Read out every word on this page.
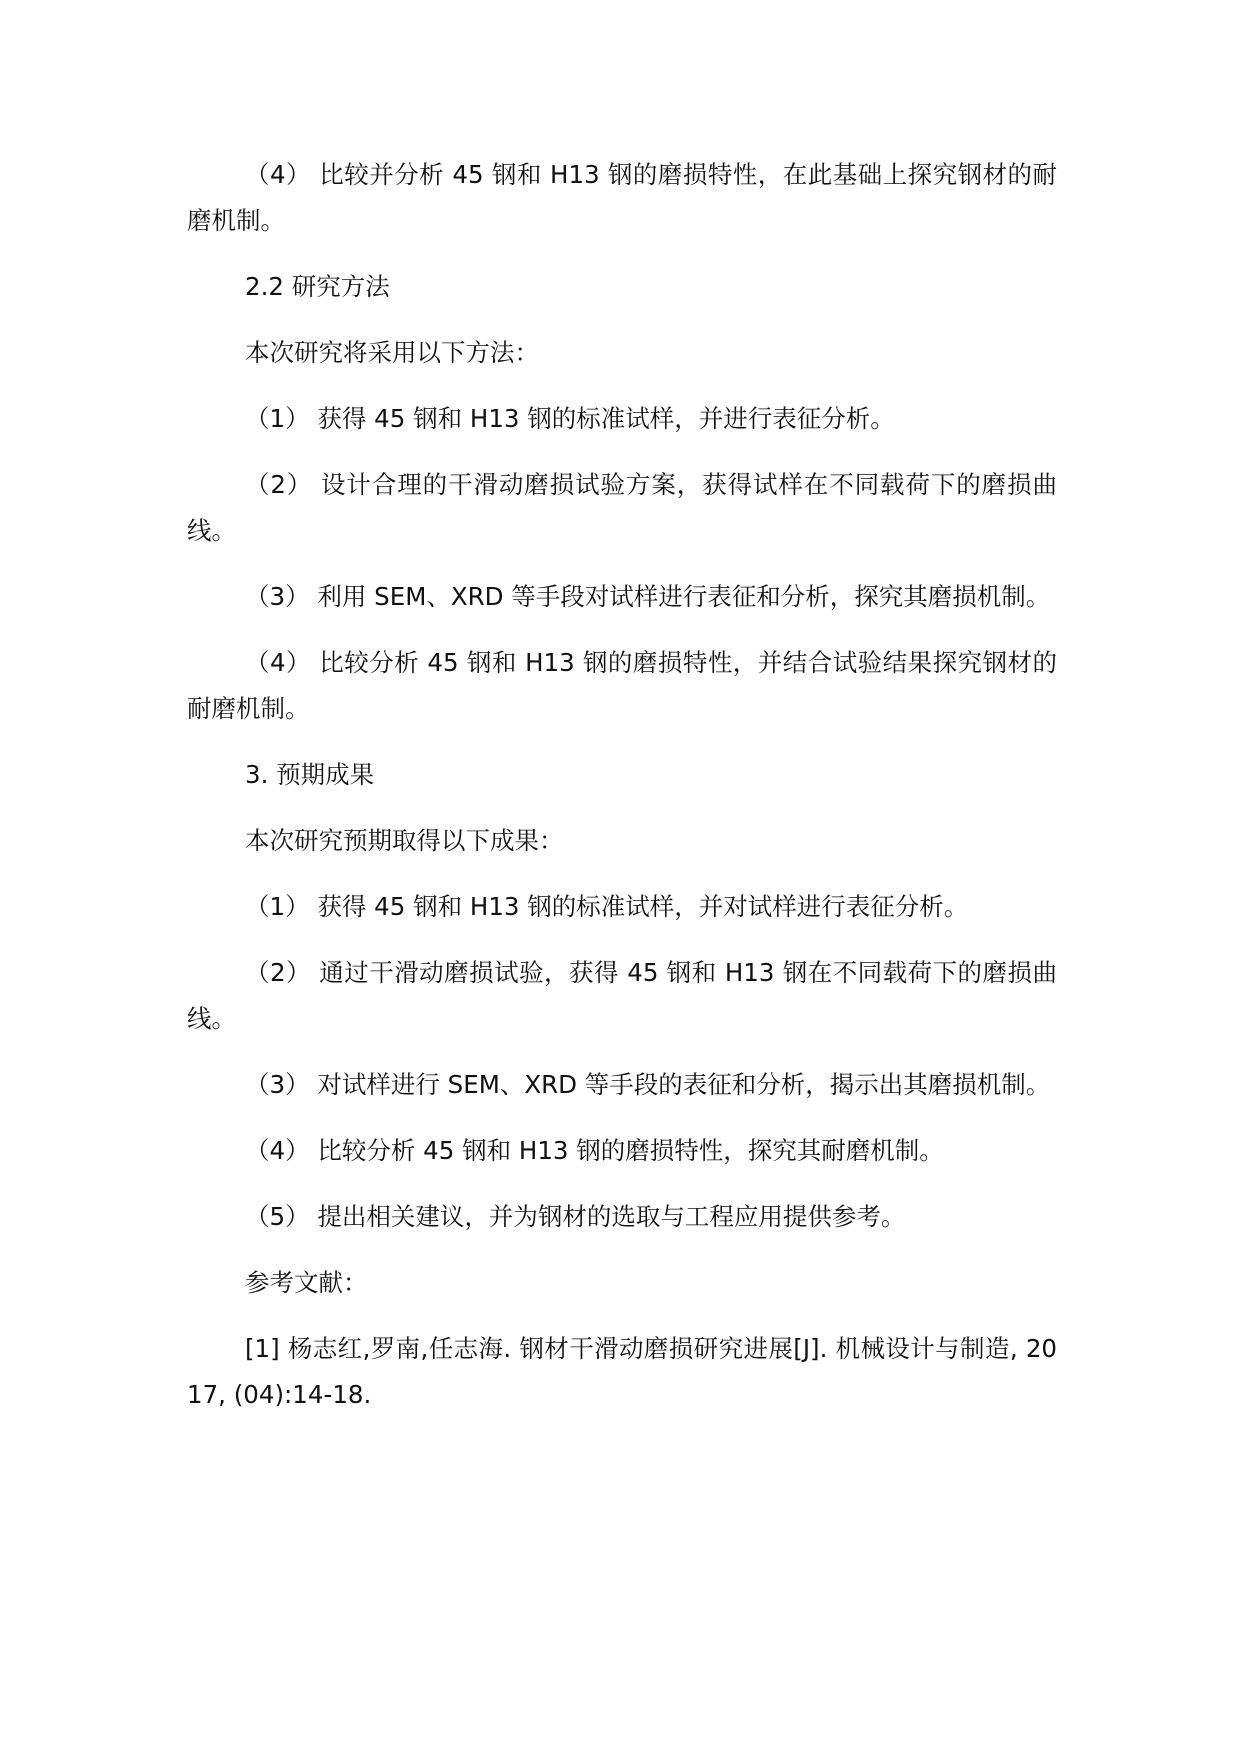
（4） 比较并分析 45 钢和 H13 钢的磨损特性，在此基础上探究钢材的耐磨机制。

2.2 研究方法

本次研究将采用以下方法：

（1） 获得 45 钢和 H13 钢的标准试样，并进行表征分析。

（2） 设计合理的干滑动磨损试验方案，获得试样在不同载荷下的磨损曲线。

（3） 利用 SEM、XRD 等手段对试样进行表征和分析，探究其磨损机制。

（4） 比较分析 45 钢和 H13 钢的磨损特性，并结合试验结果探究钢材的耐磨机制。

3. 预期成果

本次研究预期取得以下成果：

（1） 获得 45 钢和 H13 钢的标准试样，并对试样进行表征分析。

（2） 通过干滑动磨损试验，获得 45 钢和 H13 钢在不同载荷下的磨损曲线。

（3） 对试样进行 SEM、XRD 等手段的表征和分析，揭示出其磨损机制。

（4） 比较分析 45 钢和 H13 钢的磨损特性，探究其耐磨机制。

（5） 提出相关建议，并为钢材的选取与工程应用提供参考。

参考文献：

[1] 杨志红,罗南,任志海. 钢材干滑动磨损研究进展[J]. 机械设计与制造, 2017, (04):14-18.
